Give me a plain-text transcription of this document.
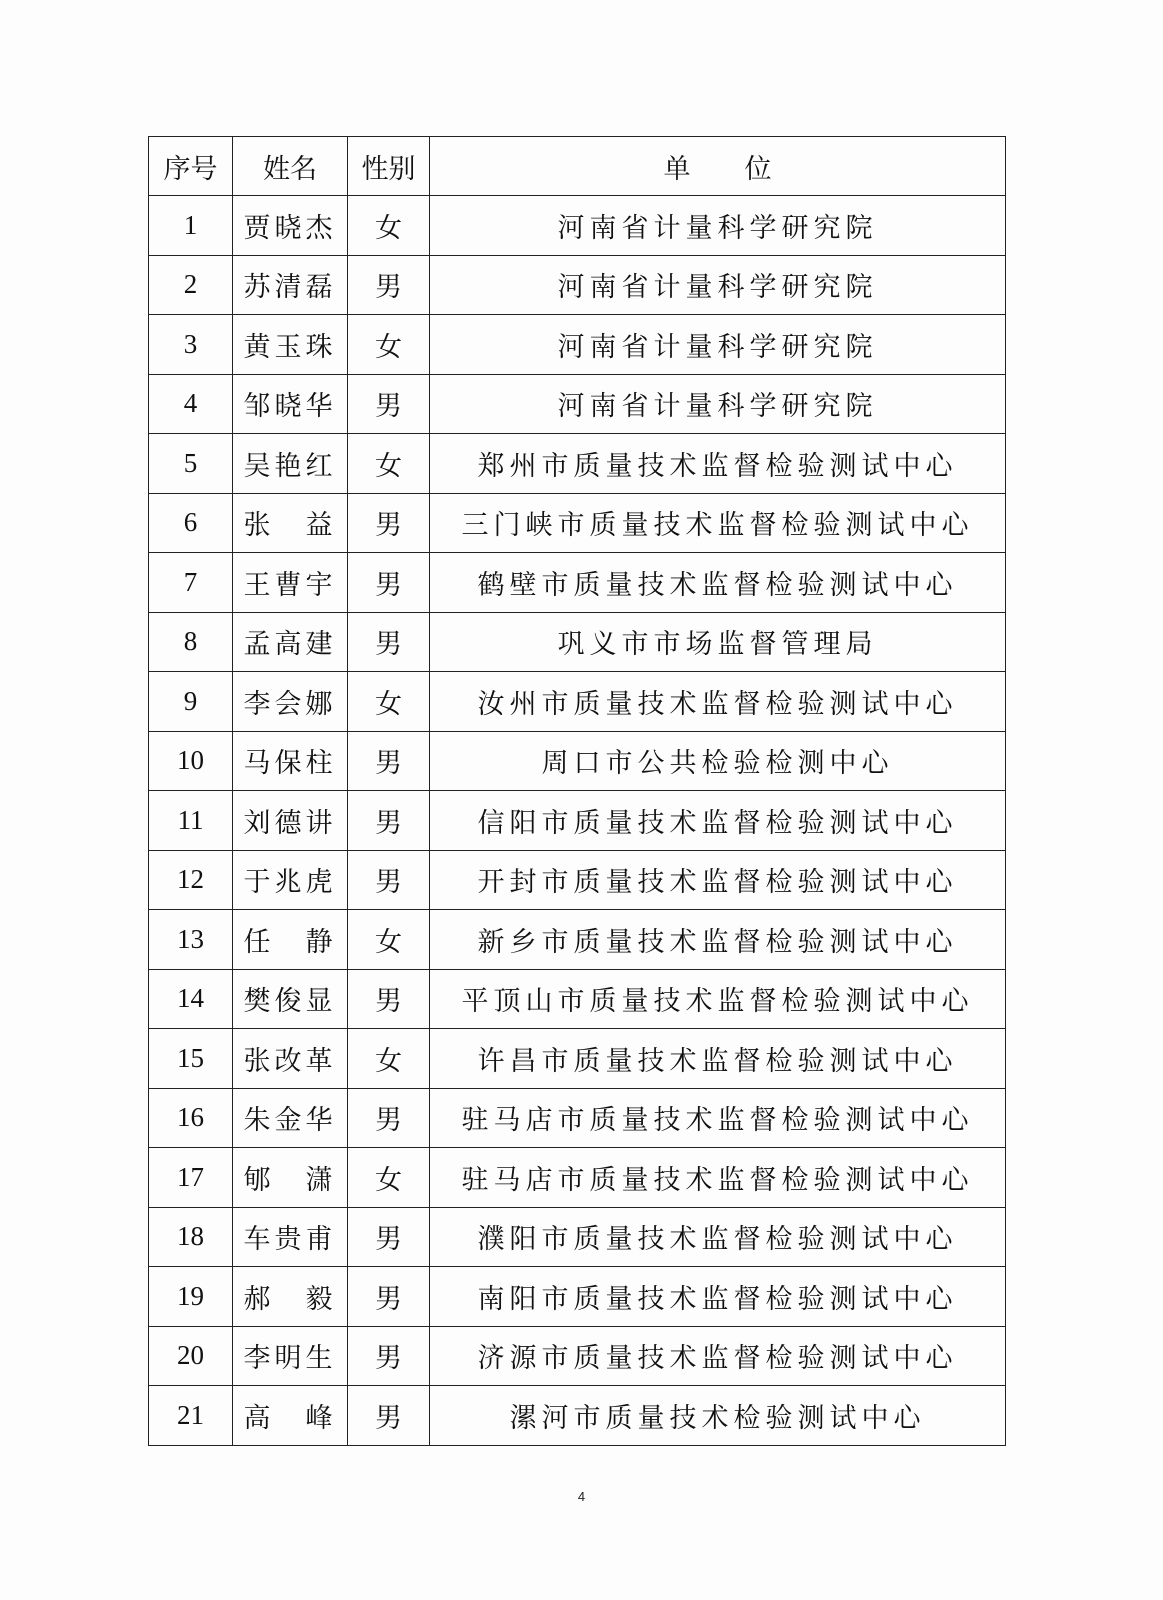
序号	姓名	性别	单　　位
1	贾晓杰	女	河南省计量科学研究院
2	苏清磊	男	河南省计量科学研究院
3	黄玉珠	女	河南省计量科学研究院
4	邹晓华	男	河南省计量科学研究院
5	吴艳红	女	郑州市质量技术监督检验测试中心
6	张　益	男	三门峡市质量技术监督检验测试中心
7	王曹宇	男	鹤壁市质量技术监督检验测试中心
8	孟高建	男	巩义市市场监督管理局
9	李会娜	女	汝州市质量技术监督检验测试中心
10	马保柱	男	周口市公共检验检测中心
11	刘德讲	男	信阳市质量技术监督检验测试中心
12	于兆虎	男	开封市质量技术监督检验测试中心
13	任　静	女	新乡市质量技术监督检验测试中心
14	樊俊显	男	平顶山市质量技术监督检验测试中心
15	张改革	女	许昌市质量技术监督检验测试中心
16	朱金华	男	驻马店市质量技术监督检验测试中心
17	郇　潇	女	驻马店市质量技术监督检验测试中心
18	车贵甫	男	濮阳市质量技术监督检验测试中心
19	郝　毅	男	南阳市质量技术监督检验测试中心
20	李明生	男	济源市质量技术监督检验测试中心
21	高　峰	男	漯河市质量技术检验测试中心
4
